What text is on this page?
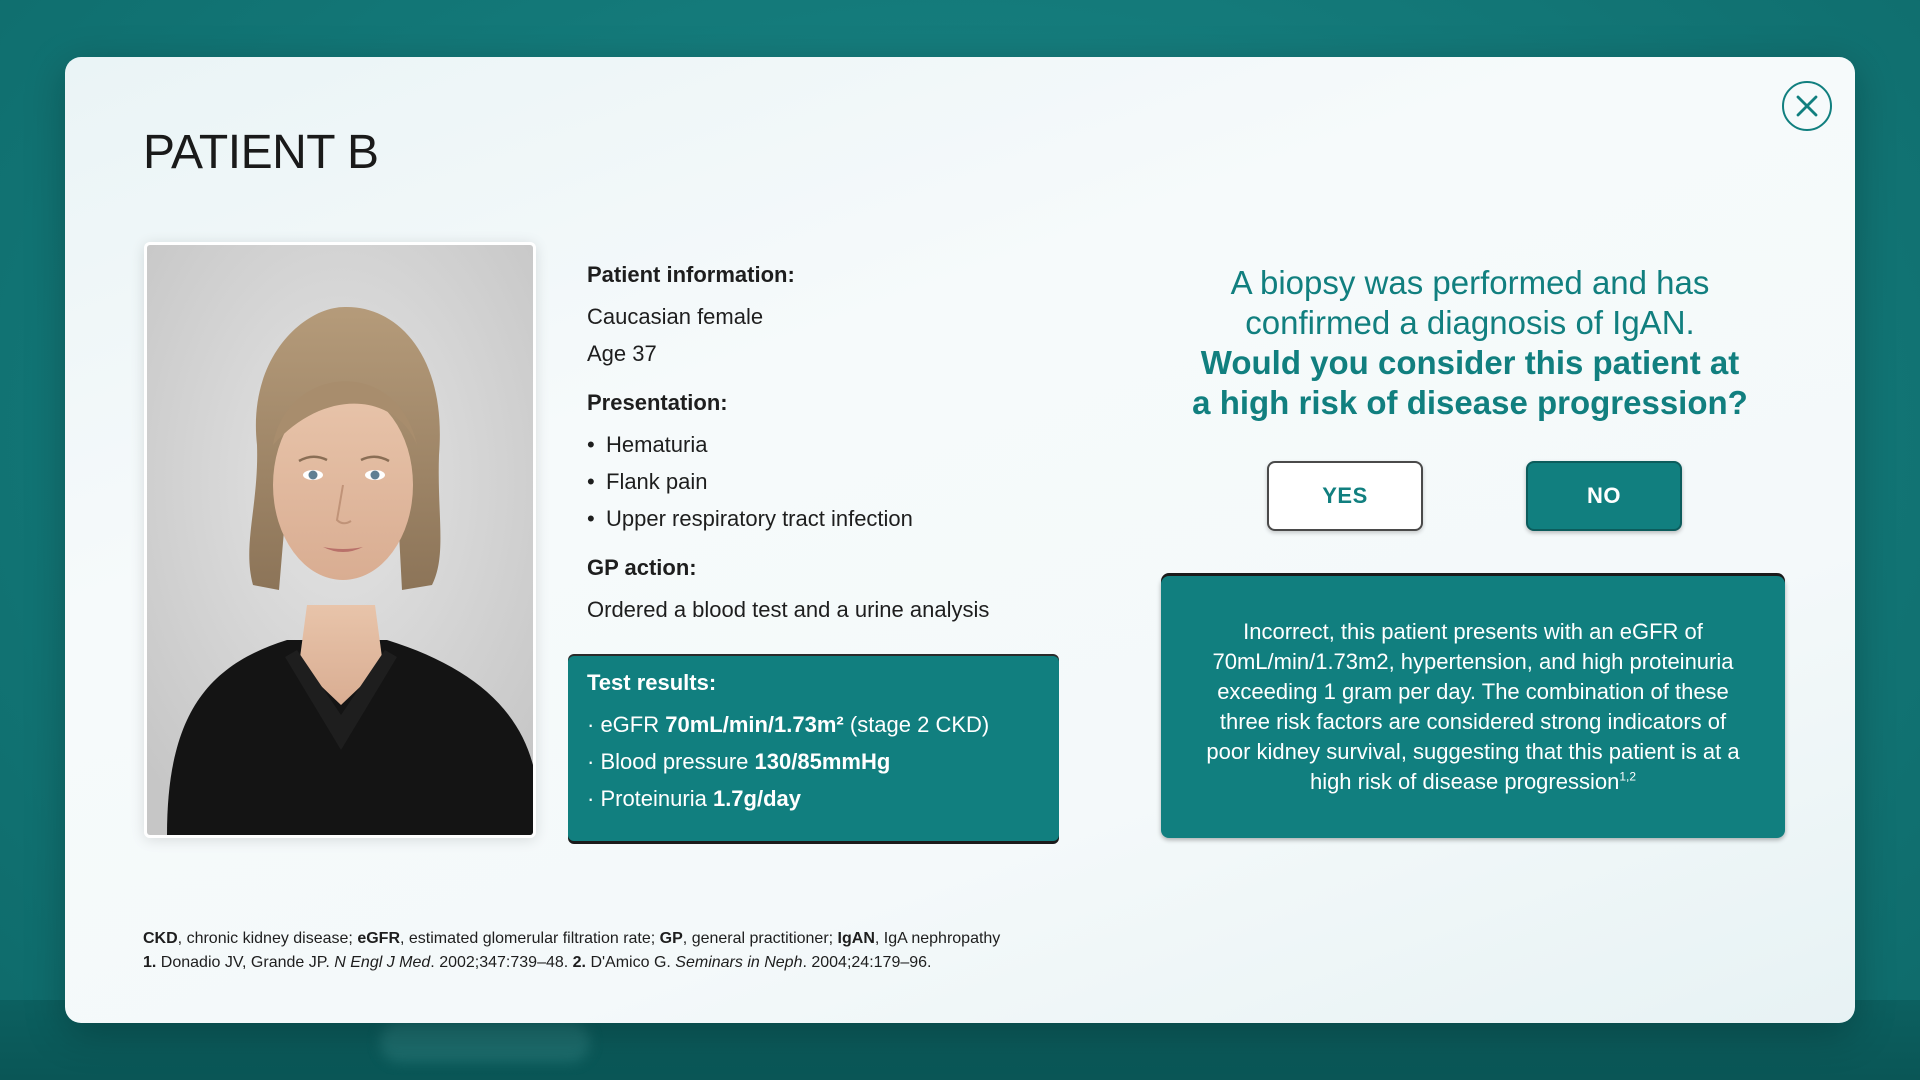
PATIENT B
Patient information:
Caucasian female
Age 37
Presentation:
• Hematuria
• Flank pain
• Upper respiratory tract infection
GP action:
Ordered a blood test and a urine analysis
Test results:
· eGFR 70mL/min/1.73m² (stage 2 CKD)
· Blood pressure 130/85mmHg
· Proteinuria 1.7g/day
A biopsy was performed and has
confirmed a diagnosis of IgAN.
Would you consider this patient at
a high risk of disease progression?
YES	NO

Incorrect, this patient presents with an eGFR of 70mL/min/1.73m2, hypertension, and high proteinuria exceeding 1 gram per day. The combination of these three risk factors are considered strong indicators of poor kidney survival, suggesting that this patient is at a high risk of disease progression$^{1,2}$

CKD, chronic kidney disease; eGFR, estimated glomerular filtration rate; GP, general practitioner; IgAN, IgA nephropathy
1. Donadio JV, Grande JP. N Engl J Med. 2002;347:739–48. 2. D'Amico G. Seminars in Neph. 2004;24:179–96.
